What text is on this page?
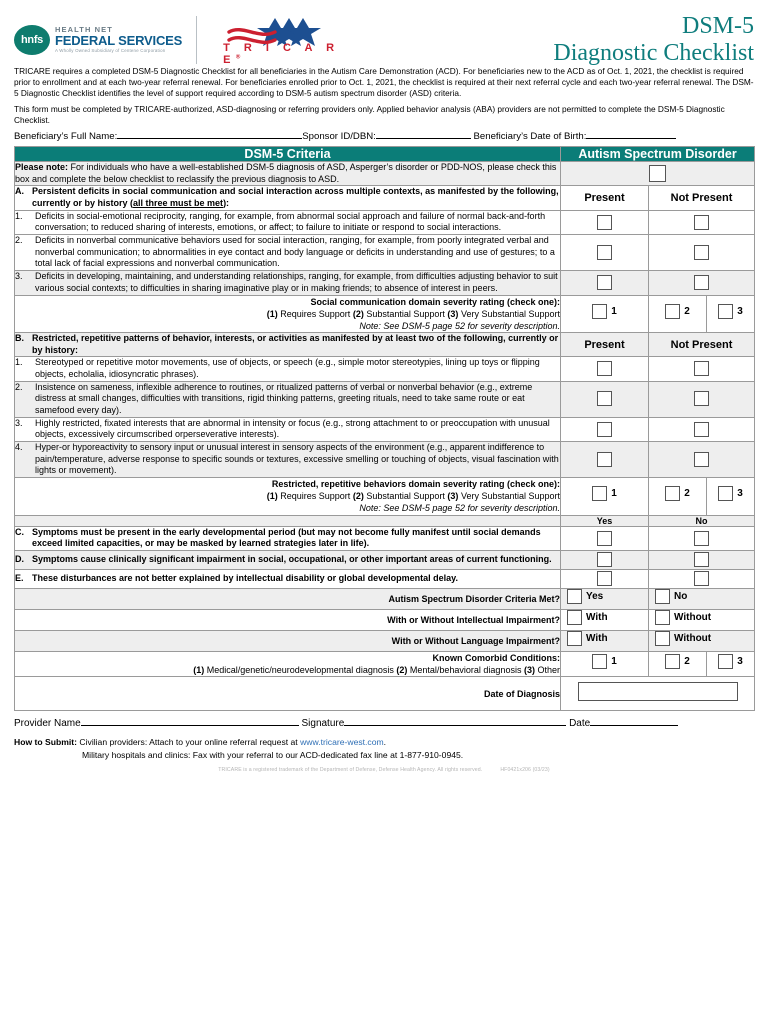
hnfs
HEALTH NET
FEDERAL SERVICES
A Wholly Owned Subsidiary of Centene Corporation	T R I C A R E®
DSM-5
Diagnostic Checklist

TRICARE requires a completed DSM-5 Diagnostic Checklist for all beneficiaries in the Autism Care Demonstration (ACD). For beneficiaries new to the ACD as of Oct. 1, 2021, the checklist is required prior to enrollment and at each two-year referral renewal. For beneficiaries enrolled prior to Oct. 1, 2021, the checklist is required at their next referral cycle and each two-year referral renewal. The DSM-5 Diagnostic Checklist identifies the level of support required according to DSM-5 autism spectrum disorder (ASD) criteria.

This form must be completed by TRICARE-authorized, ASD-diagnosing or referring providers only. Applied behavior analysis (ABA) providers are not permitted to complete the DSM-5 Diagnostic Checklist.

Beneficiary’s Full Name:	Sponsor ID/DBN:	Beneficiary’s Date of Birth:
DSM-5 Criteria	Autism Spectrum Disorder		
Please note: For individuals who have a well-established DSM-5 diagnosis of ASD, Asperger’s disorder or PDD-NOS, please check this box and complete the below checklist to reclassify the previous diagnosis to ASD.			

A. Persistent deficits in social communication and social interaction across multiple contexts, as manifested by the following, currently or by history (all three must be met):	Present	Not Present	

1. Deficits in social-emotional reciprocity, ranging, for example, from abnormal social approach and failure of normal back-and-forth conversation; to reduced sharing of interests, emotions, or affect; to failure to initiate or respond to social interactions.			

2. Deficits in nonverbal communicative behaviors used for social interaction, ranging, for example, from poorly integrated verbal and nonverbal communication; to abnormalities in eye contact and body language or deficits in understanding and use of gestures; to a total lack of facial expressions and nonverbal communication.			

3. Deficits in developing, maintaining, and understanding relationships, ranging, for example, from difficulties adjusting behavior to suit various social contexts; to difficulties in sharing imaginative play or in making friends; to absence of interest in peers.			

Social communication domain severity rating (check one):
(1) Requires Support (2) Substantial Support (3) Very Substantial Support
Note: See DSM-5 page 52 for severity description.	1	2	3

B. Restricted, repetitive patterns of behavior, interests, or activities as manifested by at least two of the following, currently or by history:	Present	Not Present	

1. Stereotyped or repetitive motor movements, use of objects, or speech (e.g., simple motor stereotypies, lining up toys or flipping objects, echolalia, idiosyncratic phrases).			

2. Insistence on sameness, inflexible adherence to routines, or ritualized patterns of verbal or nonverbal behavior (e.g., extreme distress at small changes, difficulties with transitions, rigid thinking patterns, greeting rituals, need to take same route or eat samefood every day).			

3. Highly restricted, fixated interests that are abnormal in intensity or focus (e.g., strong attachment to or preoccupation with unusual objects, excessively circumscribed orperseverative interests).			

4. Hyper-or hyporeactivity to sensory input or unusual interest in sensory aspects of the environment (e.g., apparent indifference to pain/temperature, adverse response to specific sounds or textures, excessive smelling or touching of objects, visual fascination with lights or movement).			

Restricted, repetitive behaviors domain severity rating (check one):
(1) Requires Support (2) Substantial Support (3) Very Substantial Support
Note: See DSM-5 page 52 for severity description.	1	2	3

	Yes	No	

C. Symptoms must be present in the early developmental period (but may not become fully manifest until social demands exceed limited capacities, or may be masked by learned strategies later in life).			

D. Symptoms cause clinically significant impairment in social, occupational, or other important areas of current functioning.			

E. These disturbances are not better explained by intellectual disability or global developmental delay.			

Autism Spectrum Disorder Criteria Met?	Yes	No	

With or Without Intellectual Impairment?	With	Without	

With or Without Language Impairment?	With	Without	

Known Comorbid Conditions:
(1) Medical/genetic/neurodevelopmental diagnosis (2) Mental/behavioral diagnosis (3) Other	1	2	3

Date of Diagnosis			
Provider Name	Signature	Date
How to Submit: Civilian providers: Attach to your online referral request at www.tricare-west.com.
Military hospitals and clinics: Fax with your referral to our ACD-dedicated fax line at 1-877-910-0945.
TRICARE is a registered trademark of the Department of Defense, Defense Health Agency. All rights reserved.	HF0421x206 (03/23)
